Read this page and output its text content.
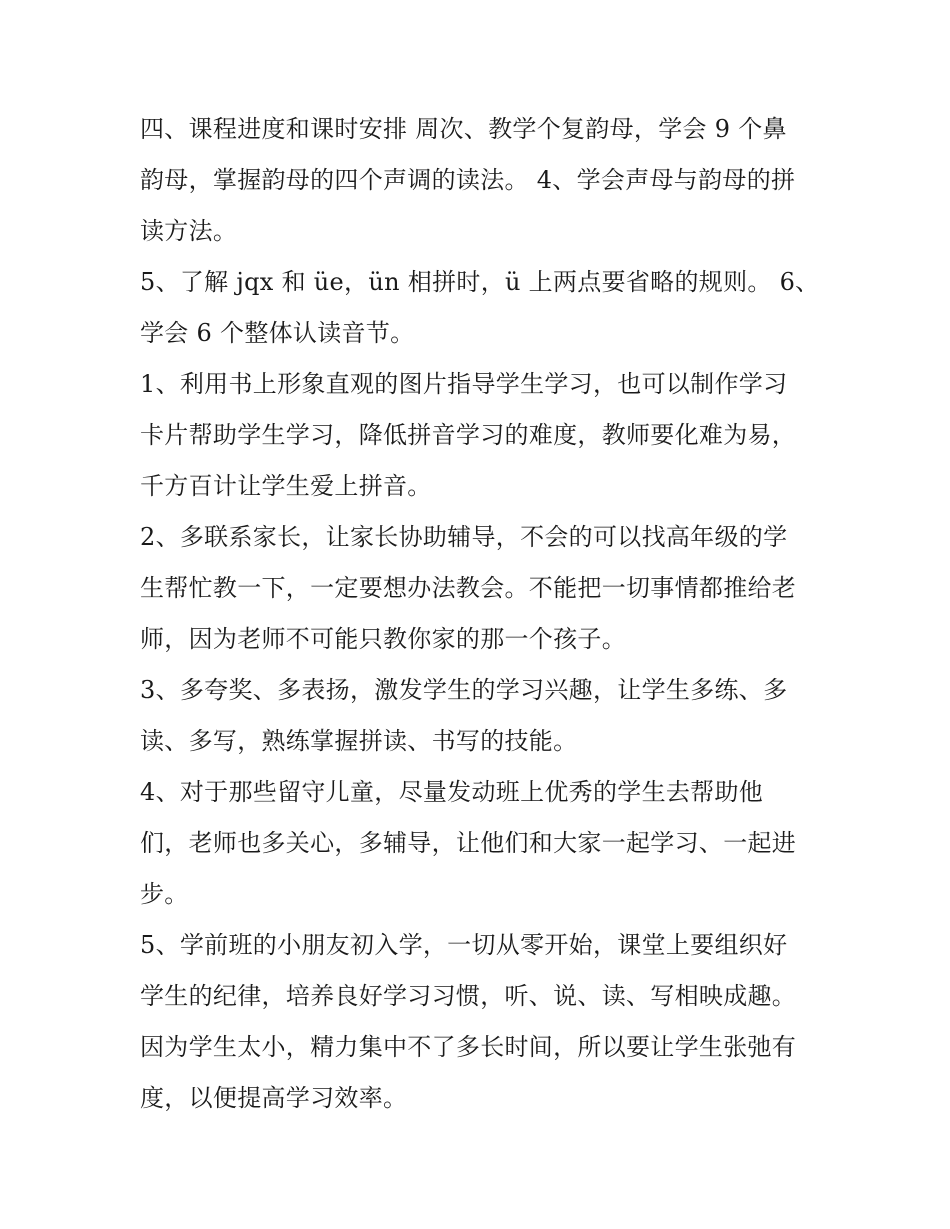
四、课程进度和课时安排 周次、教学个复韵母，学会 9 个鼻
韵母，掌握韵母的四个声调的读法。 4、学会声母与韵母的拼
读方法。
5、了解 jqx 和 üe，ün 相拼时，ü 上两点要省略的规则。 6、
学会 6 个整体认读音节。
1、利用书上形象直观的图片指导学生学习，也可以制作学习
卡片帮助学生学习，降低拼音学习的难度，教师要化难为易，
千方百计让学生爱上拼音。
2、多联系家长，让家长协助辅导，不会的可以找高年级的学
生帮忙教一下，一定要想办法教会。不能把一切事情都推给老
师，因为老师不可能只教你家的那一个孩子。
3、多夸奖、多表扬，激发学生的学习兴趣，让学生多练、多
读、多写，熟练掌握拼读、书写的技能。
4、对于那些留守儿童，尽量发动班上优秀的学生去帮助他
们，老师也多关心，多辅导，让他们和大家一起学习、一起进
步。
5、学前班的小朋友初入学，一切从零开始，课堂上要组织好
学生的纪律，培养良好学习习惯，听、说、读、写相映成趣。
因为学生太小，精力集中不了多长时间，所以要让学生张弛有
度，以便提高学习效率。
